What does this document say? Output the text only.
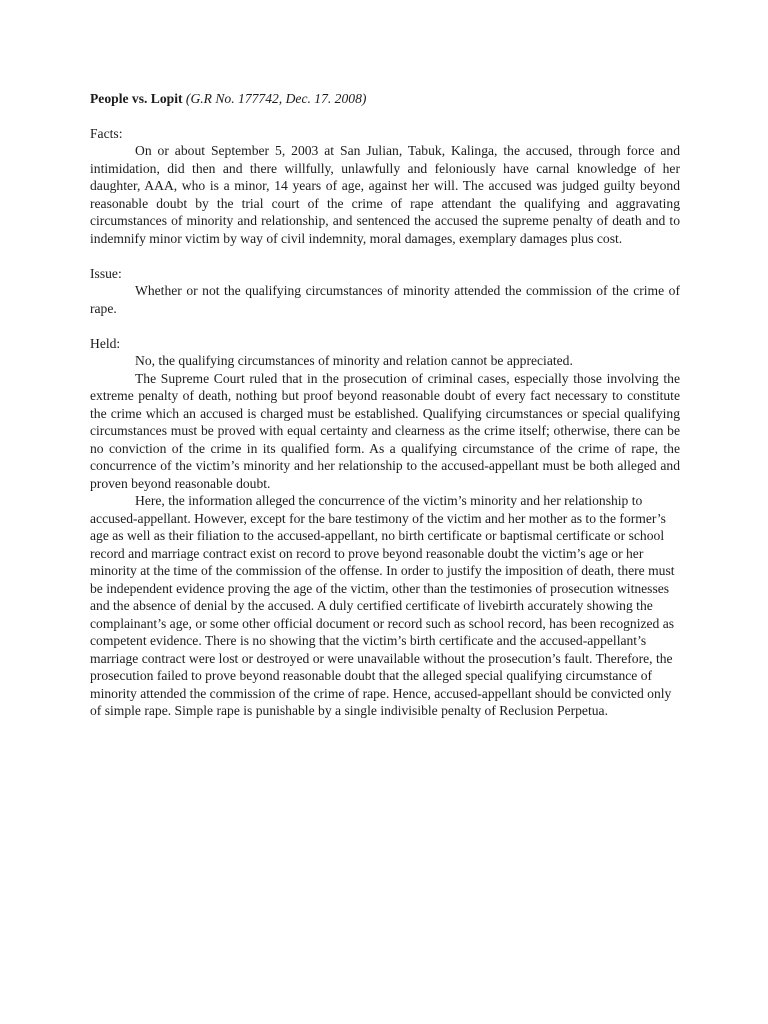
People vs. Lopit (G.R No. 177742, Dec. 17. 2008)

Facts:

On or about September 5, 2003 at San Julian, Tabuk, Kalinga, the accused, through force and intimidation, did then and there willfully, unlawfully and feloniously have carnal knowledge of her daughter, AAA, who is a minor, 14 years of age, against her will. The accused was judged guilty beyond reasonable doubt by the trial court of the crime of rape attendant the qualifying and aggravating circumstances of minority and relationship, and sentenced the accused the supreme penalty of death and to indemnify minor victim by way of civil indemnity, moral damages, exemplary damages plus cost.

Issue:

Whether or not the qualifying circumstances of minority attended the commission of the crime of rape.

Held:

No, the qualifying circumstances of minority and relation cannot be appreciated.

The Supreme Court ruled that in the prosecution of criminal cases, especially those involving the extreme penalty of death, nothing but proof beyond reasonable doubt of every fact necessary to constitute the crime which an accused is charged must be established. Qualifying circumstances or special qualifying circumstances must be proved with equal certainty and clearness as the crime itself; otherwise, there can be no conviction of the crime in its qualified form. As a qualifying circumstance of the crime of rape, the concurrence of the victim’s minority and her relationship to the accused-appellant must be both alleged and proven beyond reasonable doubt.

Here, the information alleged the concurrence of the victim’s minority and her relationship to accused-appellant. However, except for the bare testimony of the victim and her mother as to the former’s age as well as their filiation to the accused-appellant, no birth certificate or baptismal certificate or school record and marriage contract exist on record to prove beyond reasonable doubt the victim’s age or her minority at the time of the commission of the offense. In order to justify the imposition of death, there must be independent evidence proving the age of the victim, other than the testimonies of prosecution witnesses and the absence of denial by the accused. A duly certified certificate of livebirth accurately showing the complainant’s age, or some other official document or record such as school record, has been recognized as competent evidence. There is no showing that the victim’s birth certificate and the accused-appellant’s marriage contract were lost or destroyed or were unavailable without the prosecution’s fault. Therefore, the prosecution failed to prove beyond reasonable doubt that the alleged special qualifying circumstance of minority attended the commission of the crime of rape. Hence, accused-appellant should be convicted only of simple rape. Simple rape is punishable by a single indivisible penalty of Reclusion Perpetua.
